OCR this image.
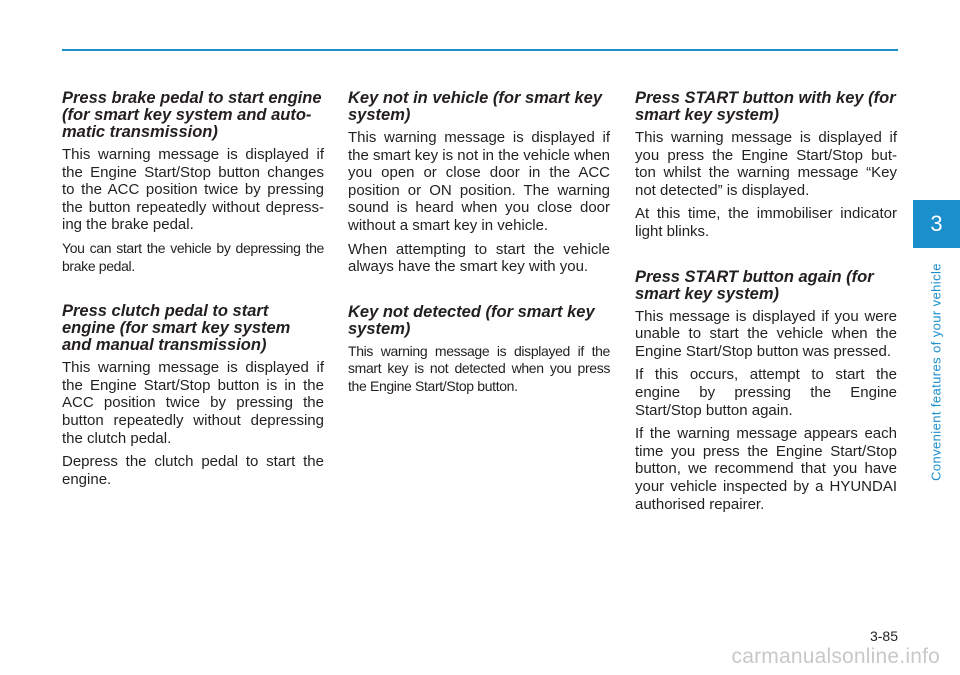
Press brake pedal to start engine (for smart key system and auto-matic transmission)

This warning message is displayed if the Engine Start/Stop button changes to the ACC position twice by pressing the button repeatedly without depress-ing the brake pedal.

You can start the vehicle by depressing the brake pedal.

Press clutch pedal to start engine (for smart key system and manual transmission)

This warning message is displayed if the Engine Start/Stop button is in the ACC position twice by pressing the button repeatedly without depressing the clutch pedal.

Depress the clutch pedal to start the engine.

Key not in vehicle (for smart key system)

This warning message is displayed if the smart key is not in the vehicle when you open or close door in the ACC position or ON position. The warning sound is heard when you close door without a smart key in vehicle.

When attempting to start the vehicle always have the smart key with you.

Key not detected (for smart key system)

This warning message is displayed if the smart key is not detected when you press the Engine Start/Stop button.

Press START button with key (for smart key system)

This warning message is displayed if you press the Engine Start/Stop but-ton whilst the warning message “Key not detected” is displayed.

At this time, the immobiliser indicator light blinks.

Press START button again (for smart key system)

This message is displayed if you were unable to start the vehicle when the Engine Start/Stop button was pressed.

If this occurs, attempt to start the engine by pressing the Engine Start/Stop button again.

If the warning message appears each time you press the Engine Start/Stop button, we recommend that you have your vehicle inspected by a HYUNDAI authorised repairer.

3
Convenient features of your vehicle
3-85
carmanualsonline.info
